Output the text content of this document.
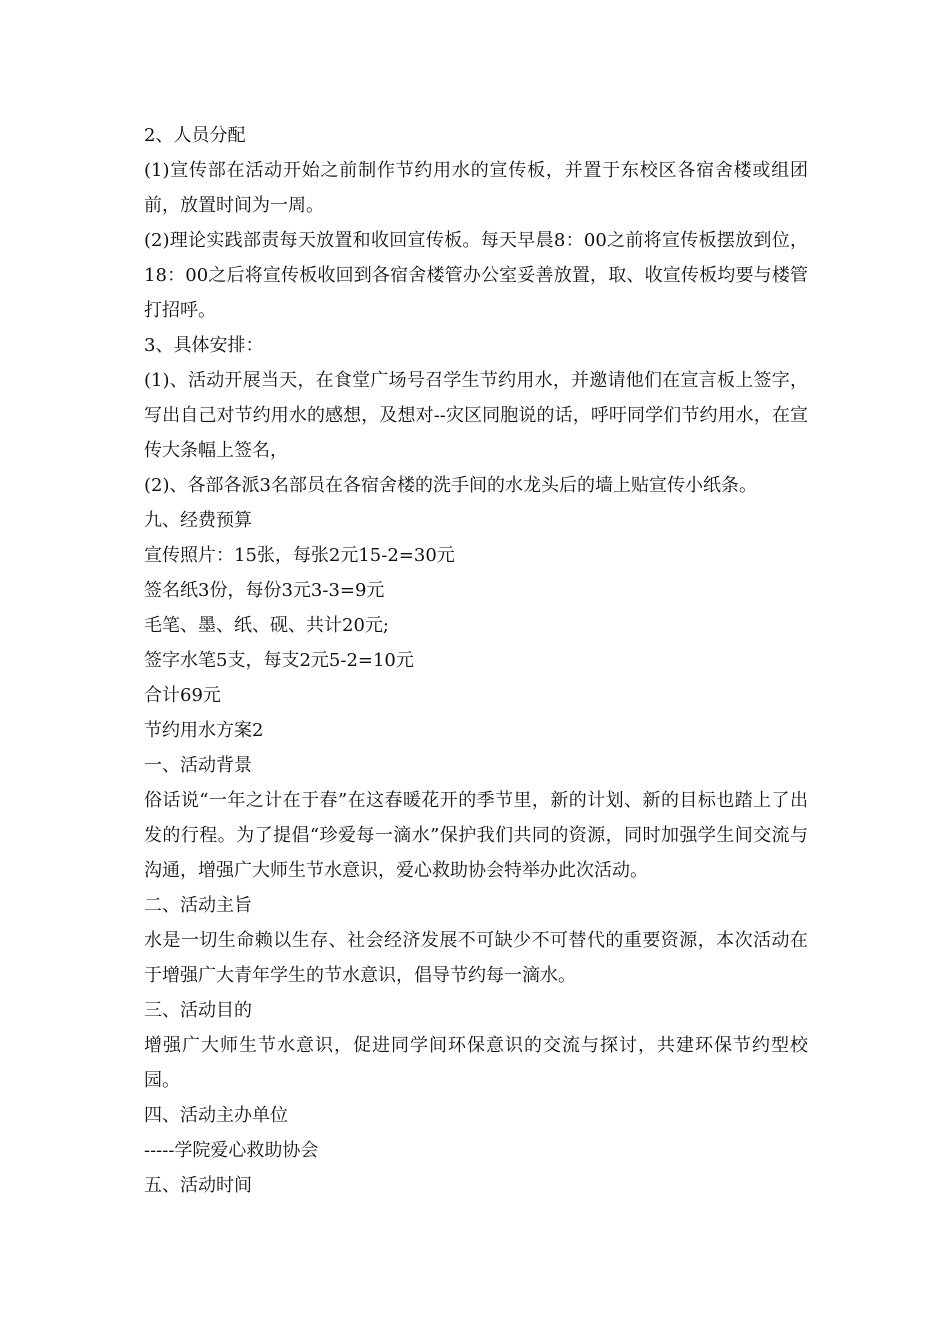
2、人员分配

(1)宣传部在活动开始之前制作节约用水的宣传板，并置于东校区各宿舍楼或组团前，放置时间为一周。

(2)理论实践部责每天放置和收回宣传板。每天早晨8：00之前将宣传板摆放到位，18：00之后将宣传板收回到各宿舍楼管办公室妥善放置，取、收宣传板均要与楼管打招呼。

3、具体安排：

(1)、活动开展当天，在食堂广场号召学生节约用水，并邀请他们在宣言板上签字，写出自己对节约用水的感想，及想对--灾区同胞说的话，呼吁同学们节约用水，在宣传大条幅上签名，

(2)、各部各派3名部员在各宿舍楼的洗手间的水龙头后的墙上贴宣传小纸条。

九、经费预算

宣传照片：15张，每张2元15-2=30元

签名纸3份，每份3元3-3=9元

毛笔、墨、纸、砚、共计20元;

签字水笔5支，每支2元5-2=10元

合计69元

节约用水方案2

一、活动背景

俗话说“一年之计在于春”在这春暖花开的季节里，新的计划、新的目标也踏上了出发的行程。为了提倡“珍爱每一滴水”保护我们共同的资源，同时加强学生间交流与沟通，增强广大师生节水意识，爱心救助协会特举办此次活动。

二、活动主旨

水是一切生命赖以生存、社会经济发展不可缺少不可替代的重要资源，本次活动在于增强广大青年学生的节水意识，倡导节约每一滴水。

三、活动目的

增强广大师生节水意识，促进同学间环保意识的交流与探讨，共建环保节约型校园。

四、活动主办单位

-----学院爱心救助协会

五、活动时间
